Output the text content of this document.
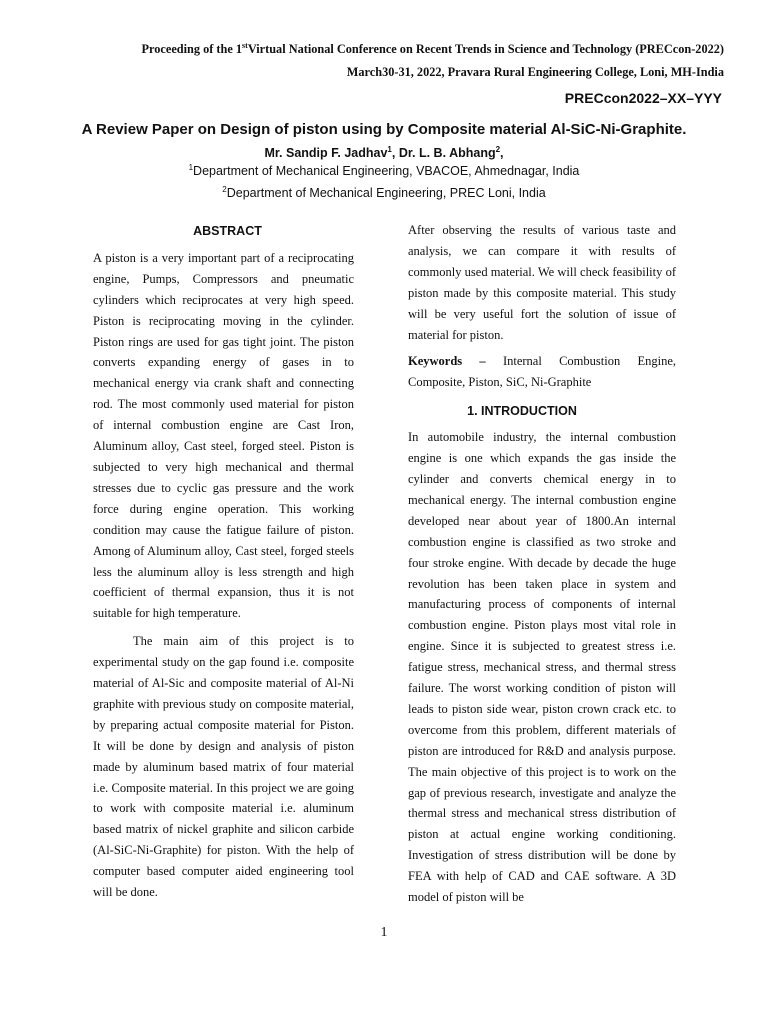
Proceeding of the 1stVirtual National Conference on Recent Trends in Science and Technology (PRECcon-2022)
March30-31, 2022, Pravara Rural Engineering College, Loni, MH-India
PRECcon2022–XX–YYY
A Review Paper on Design of piston using by Composite material Al-SiC-Ni-Graphite.
Mr. Sandip F. Jadhav$^1$, Dr. L. B. Abhang$^2$,
$^1$Department of Mechanical Engineering, VBACOE, Ahmednagar, India
$^2$Department of Mechanical Engineering, PREC Loni, India

ABSTRACT

A piston is a very important part of a reciprocating engine, Pumps, Compressors and pneumatic cylinders which reciprocates at very high speed. Piston is reciprocating moving in the cylinder. Piston rings are used for gas tight joint. The piston converts expanding energy of gases in to mechanical energy via crank shaft and connecting rod. The most commonly used material for piston of internal combustion engine are Cast Iron, Aluminum alloy, Cast steel, forged steel. Piston is subjected to very high mechanical and thermal stresses due to cyclic gas pressure and the work force during engine operation. This working condition may cause the fatigue failure of piston. Among of Aluminum alloy, Cast steel, forged steels less the aluminum alloy is less strength and high coefficient of thermal expansion, thus it is not suitable for high temperature.

The main aim of this project is to experimental study on the gap found i.e. composite material of Al-Sic and composite material of Al-Ni graphite with previous study on composite material, by preparing actual composite material for Piston. It will be done by design and analysis of piston made by aluminum based matrix of four material i.e. Composite material. In this project we are going to work with composite material i.e. aluminum based matrix of nickel graphite and silicon carbide (Al-SiC-Ni-Graphite) for piston. With the help of computer based computer aided engineering tool will be done.

After observing the results of various taste and analysis, we can compare it with results of commonly used material. We will check feasibility of piston made by this composite material. This study will be very useful fort the solution of issue of material for piston.

Keywords – Internal Combustion Engine, Composite, Piston, SiC, Ni-Graphite

1. INTRODUCTION

In automobile industry, the internal combustion engine is one which expands the gas inside the cylinder and converts chemical energy in to mechanical energy. The internal combustion engine developed near about year of 1800.An internal combustion engine is classified as two stroke and four stroke engine. With decade by decade the huge revolution has been taken place in system and manufacturing process of components of internal combustion engine. Piston plays most vital role in engine. Since it is subjected to greatest stress i.e. fatigue stress, mechanical stress, and thermal stress failure. The worst working condition of piston will leads to piston side wear, piston crown crack etc. to overcome from this problem, different materials of piston are introduced for R&D and analysis purpose. The main objective of this project is to work on the gap of previous research, investigate and analyze the thermal stress and mechanical stress distribution of piston at actual engine working conditioning. Investigation of stress distribution will be done by FEA with help of CAD and CAE software. A 3D model of piston will be

1
